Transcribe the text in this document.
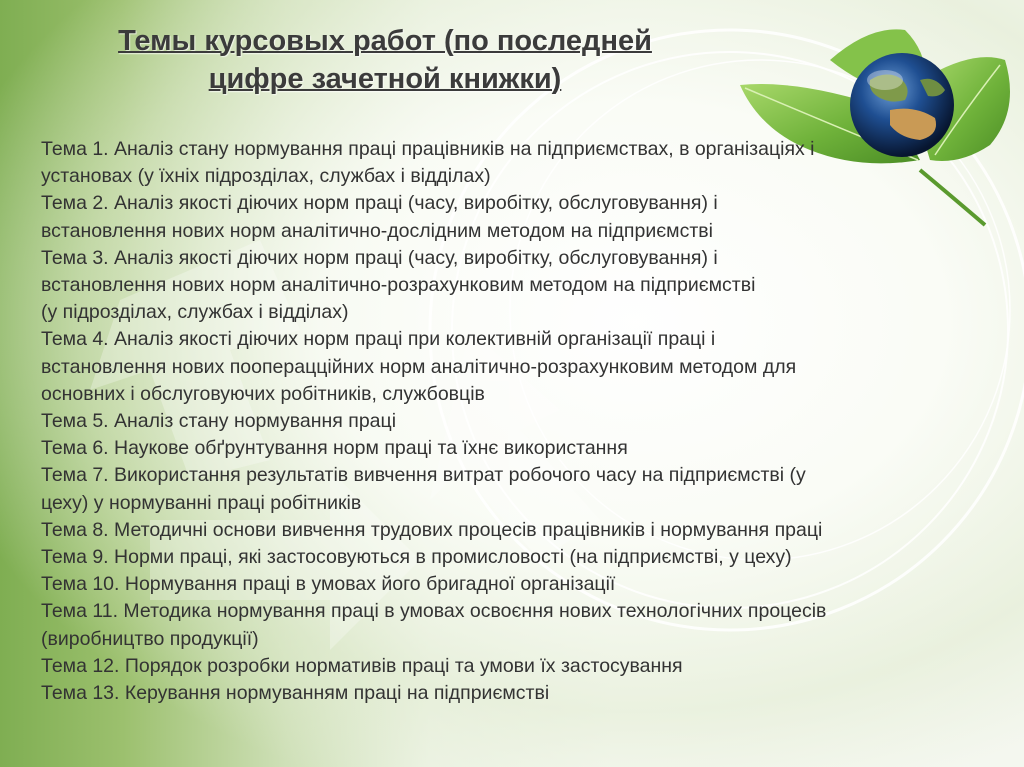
Темы курсовых работ (по последней
цифре зачетной книжки)
Тема 1. Аналіз стану нормування праці працівників на підприємствах, в організаціях і
установах (у їхніх підрозділах, службах і відділах)
Тема 2. Аналіз якості діючих норм праці (часу, виробітку, обслуговування) і
встановлення нових норм аналітично-дослідним методом на підприємстві
Тема 3. Аналіз якості діючих норм праці (часу, виробітку, обслуговування) і
встановлення нових норм аналітично-розрахунковим методом на підприємстві
(у підрозділах, службах і відділах)
Тема 4. Аналіз якості діючих норм праці при колективній організації праці і
встановлення нових пооперацційних норм аналітично-розрахунковим методом для
основних і обслуговуючих робітників, службовців
Тема 5. Аналіз стану нормування праці
Тема 6. Наукове обґрунтування норм праці та їхнє використання
Тема 7. Використання результатів вивчення витрат робочого часу на підприємстві (у
цеху) у нормуванні праці робітників
Тема 8. Методичні основи вивчення трудових процесів працівників і нормування праці
Тема 9. Норми праці, які застосовуються в промисловості (на підприємстві, у цеху)
Тема 10. Нормування праці в умовах його бригадної організації
Тема 11. Методика нормування праці в умовах освоєння нових технологічних процесів
(виробництво продукції)
Тема 12. Порядок розробки нормативів праці та умови їх застосування
Тема 13. Керування нормуванням праці на підприємстві
